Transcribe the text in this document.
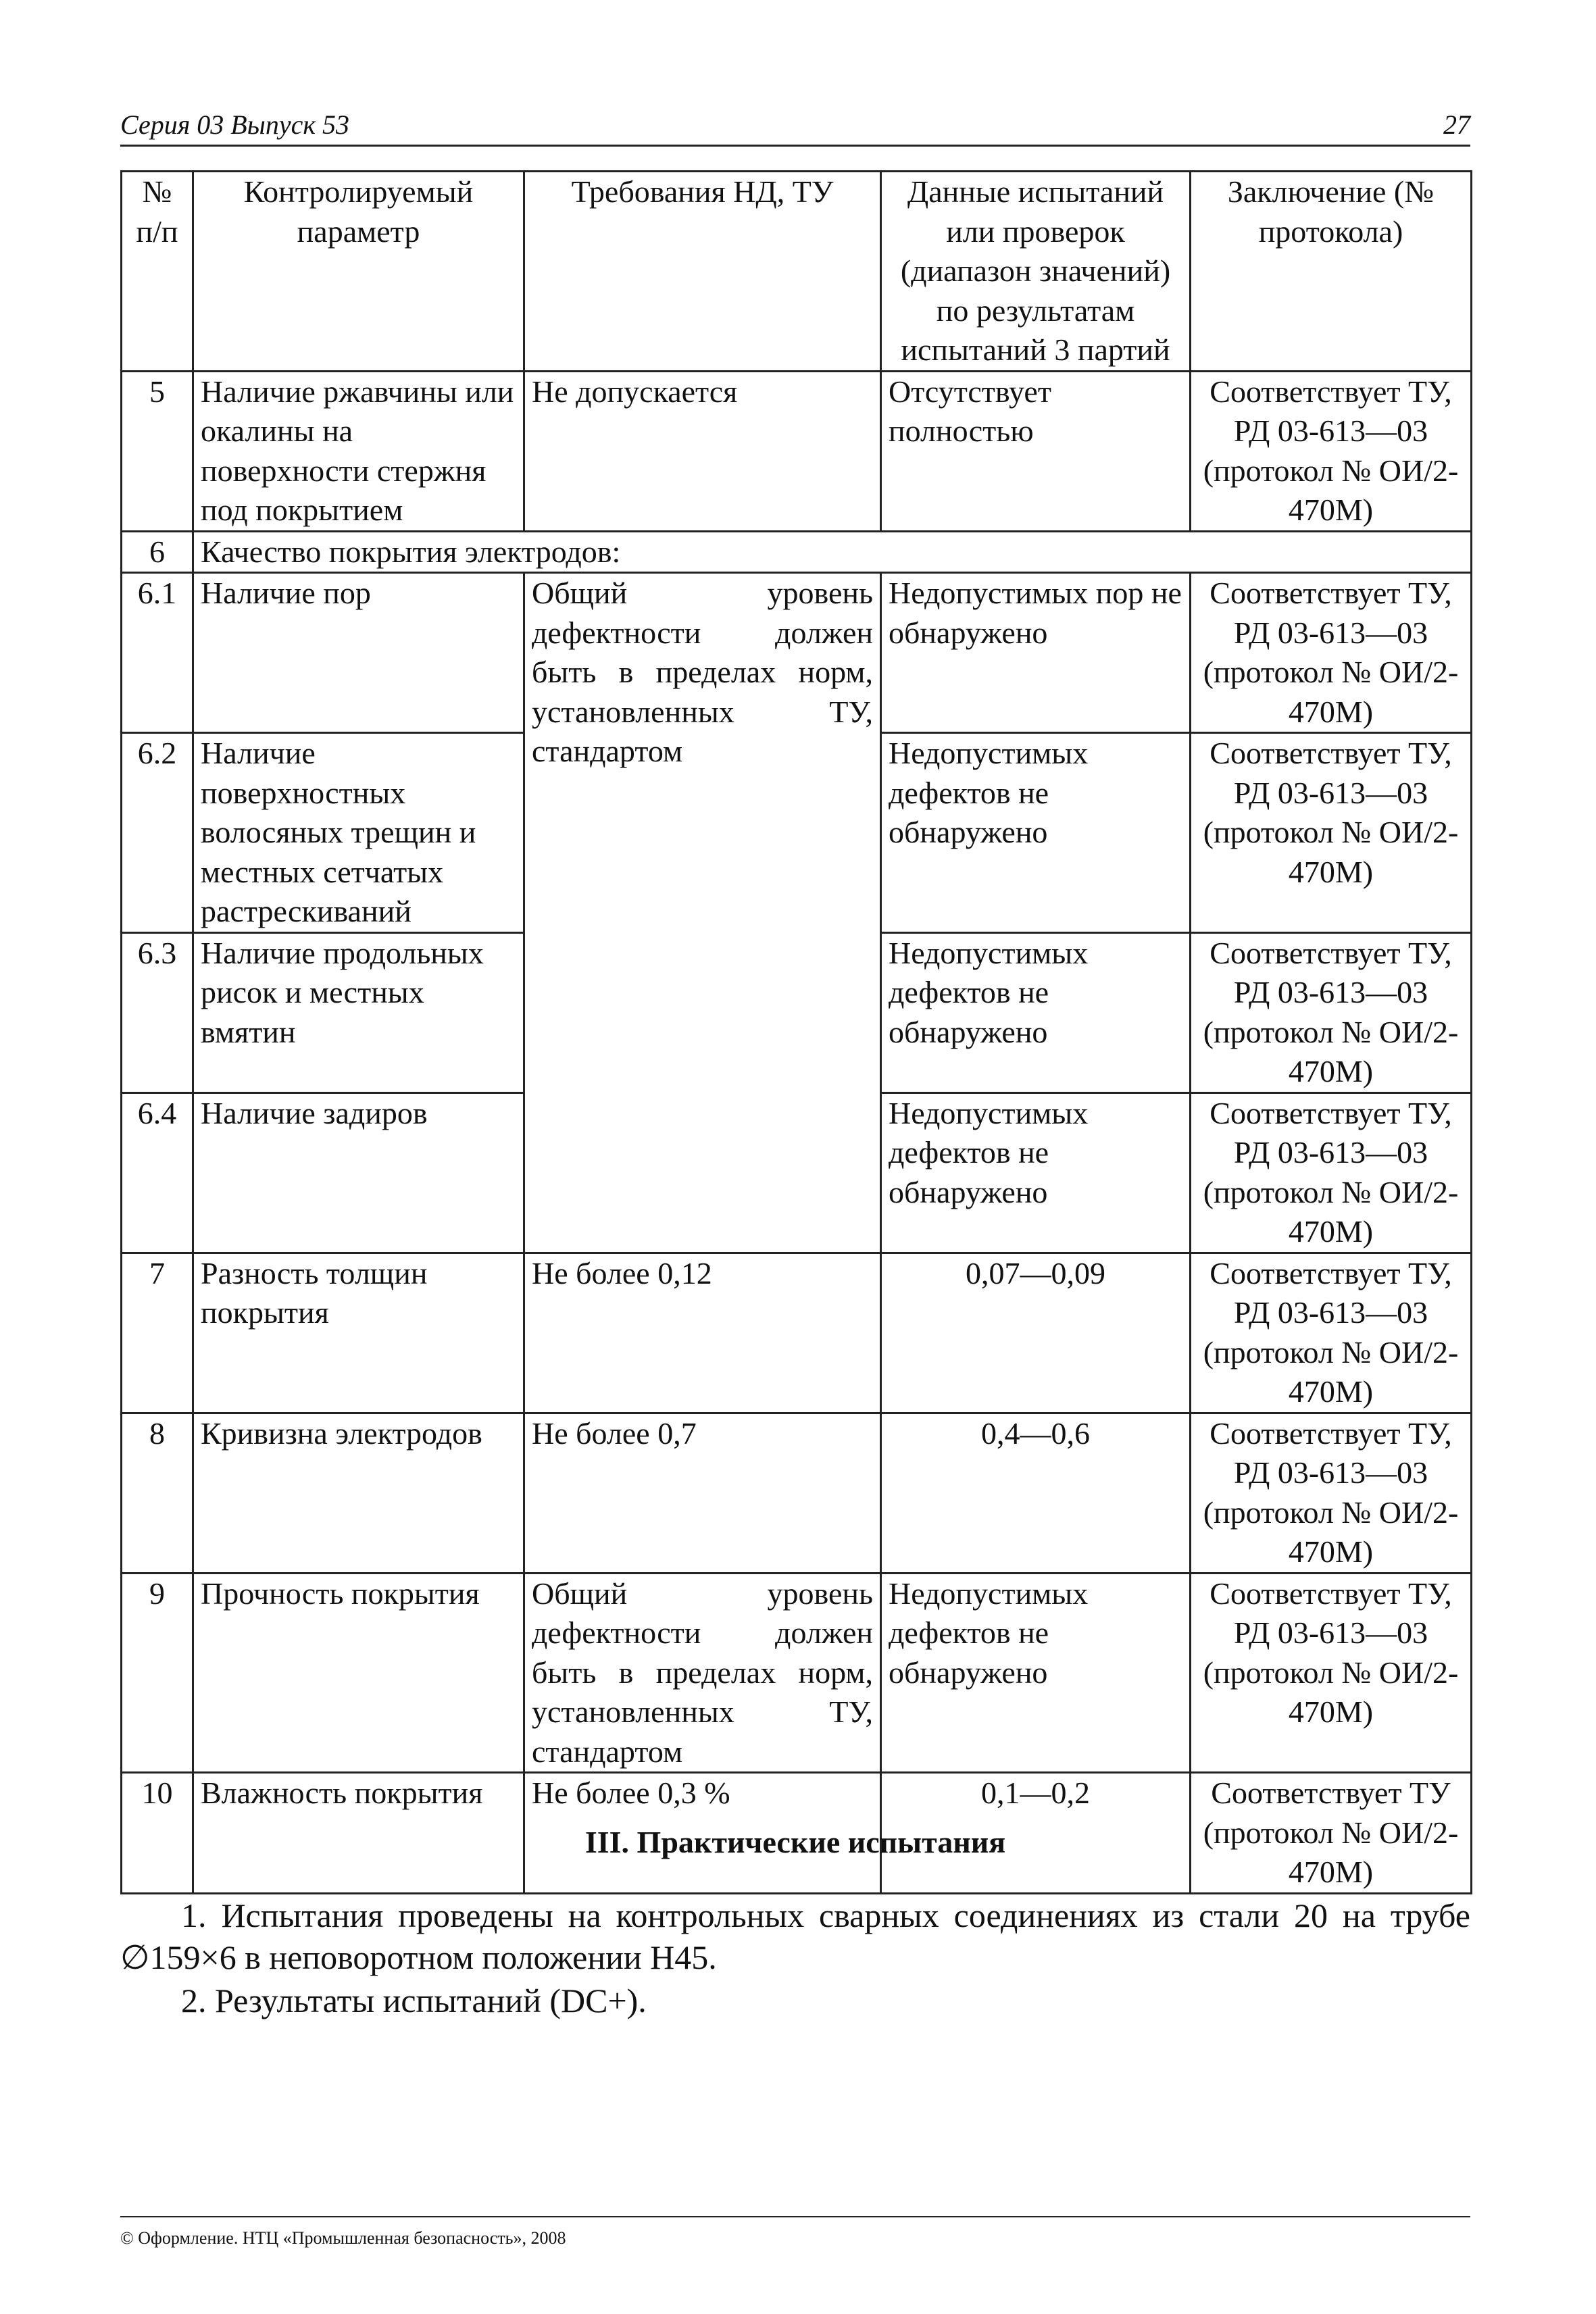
Серия 03 Выпуск 53	27
№ п/п	Контролируемый параметр	Требования НД, ТУ	Данные испытаний или проверок (диапазон значений) по результатам испытаний 3 партий	Заключение (№ протокола)
5	Наличие ржавчины или окалины на поверхности стержня под покрытием	Не допускается	Отсутствует полностью	Соответствует ТУ, РД 03-613—03 (протокол № ОИ/2-470М)
6	Качество покрытия электродов:			
6.1	Наличие пор	Общий уровень дефектности должен быть в пределах норм, установленных ТУ, стандартом	Недопустимых пор не обнаружено	Соответствует ТУ, РД 03-613—03 (протокол № ОИ/2-470М)
6.2	Наличие поверхностных волосяных трещин и местных сетчатых растрескиваний		Недопустимых дефектов не обнаружено	Соответствует ТУ, РД 03-613—03 (протокол № ОИ/2-470М)
6.3	Наличие продольных рисок и местных вмятин		Недопустимых дефектов не обнаружено	Соответствует ТУ, РД 03-613—03 (протокол № ОИ/2-470М)
6.4	Наличие задиров		Недопустимых дефектов не обнаружено	Соответствует ТУ, РД 03-613—03 (протокол № ОИ/2-470М)
7	Разность толщин покрытия	Не более 0,12	0,07—0,09	Соответствует ТУ, РД 03-613—03 (протокол № ОИ/2-470М)
8	Кривизна электродов	Не более 0,7	0,4—0,6	Соответствует ТУ, РД 03-613—03 (протокол № ОИ/2-470М)
9	Прочность покрытия	Общий уровень дефектности должен быть в пределах норм, установленных ТУ, стандартом	Недопустимых дефектов не обнаружено	Соответствует ТУ, РД 03-613—03 (протокол № ОИ/2-470М)
10	Влажность покрытия	Не более 0,3 %	0,1—0,2	Соответствует ТУ (протокол № ОИ/2-470М)
III. Практические испытания
1. Испытания проведены на контрольных сварных соединениях из стали 20 на трубе ∅159×6 в неповоротном положении Н45.
2. Результаты испытаний (DC+).
© Оформление. НТЦ «Промышленная безопасность», 2008
